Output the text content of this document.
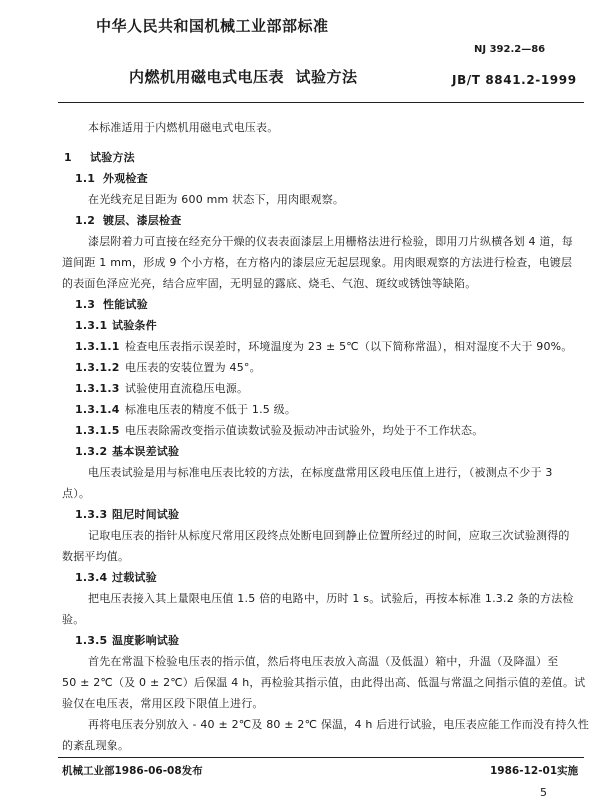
中华人民共和国机械工业部部标准
NJ 392.2—86
内燃机用磁电式电压表  试验方法	JB/T 8841.2-1999
本标准适用于内燃机用磁电式电压表。
1 试验方法
1.1 外观检查
在光线充足目距为 600 mm 状态下，用肉眼观察。
1.2 镀层、漆层检查
漆层附着力可直接在经充分干燥的仪表表面漆层上用栅格法进行检验，即用刀片纵横各划 4 道，每
道间距 1 mm，形成 9 个小方格，在方格内的漆层应无起层现象。用肉眼观察的方法进行检查，电镀层
的表面色泽应光亮，结合应牢固，无明显的露底、烧毛、气泡、斑纹或锈蚀等缺陷。
1.3 性能试验
1.3.1 试验条件
1.3.1.1 检查电压表指示误差时，环境温度为 23 ± 5℃（以下简称常温），相对湿度不大于 90%。
1.3.1.2 电压表的安装位置为 45°。
1.3.1.3 试验使用直流稳压电源。
1.3.1.4 标准电压表的精度不低于 1.5 级。
1.3.1.5 电压表除需改变指示值读数试验及振动冲击试验外，均处于不工作状态。
1.3.2 基本误差试验
电压表试验是用与标准电压表比较的方法，在标度盘常用区段电压值上进行，（被测点不少于 3
点）。
1.3.3 阻尼时间试验
记取电压表的指针从标度尺常用区段终点处断电回到静止位置所经过的时间，应取三次试验测得的
数据平均值。
1.3.4 过载试验
把电压表接入其上量限电压值 1.5 倍的电路中，历时 1 s。试验后，再按本标准 1.3.2 条的方法检
验。
1.3.5 温度影响试验
首先在常温下检验电压表的指示值，然后将电压表放入高温（及低温）箱中，升温（及降温）至
50 ± 2℃（及 0 ± 2℃）后保温 4 h，再检验其指示值，由此得出高、低温与常温之间指示值的差值。试
验仅在电压表，常用区段下限值上进行。
再将电压表分别放入 - 40 ± 2℃及 80 ± 2℃ 保温，4 h 后进行试验，电压表应能工作而没有持久性
的紊乱现象。
机械工业部1986-06-08发布	1986-12-01实施
5
